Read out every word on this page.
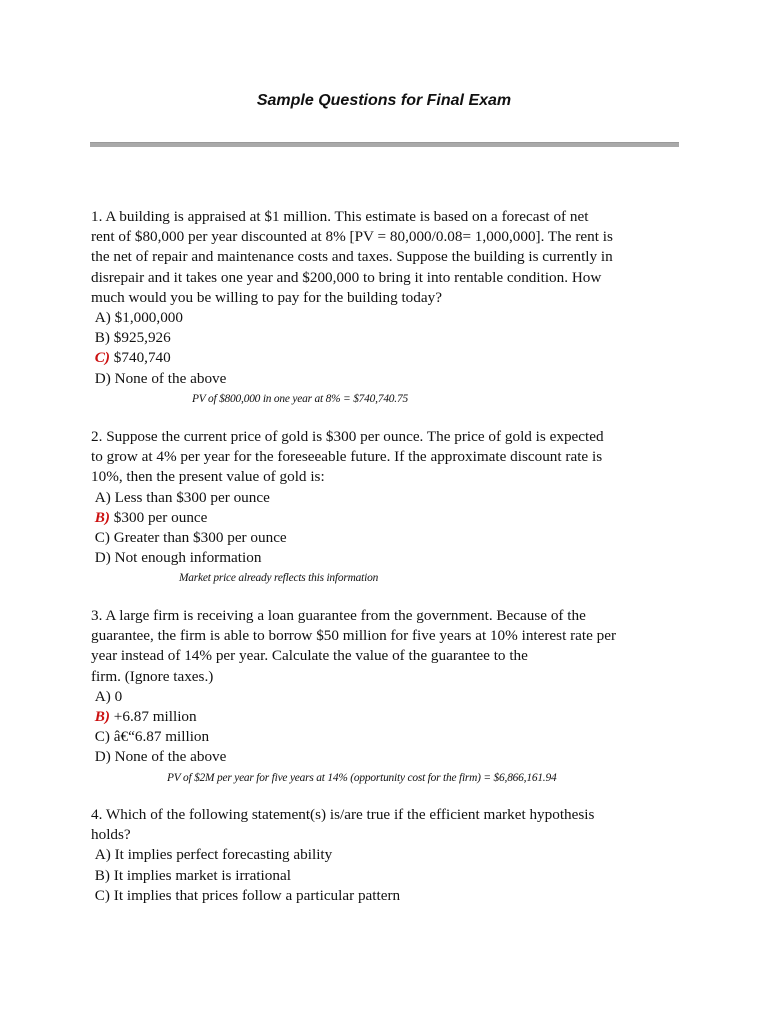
Sample Questions for Final Exam

1. A building is appraised at $1 million. This estimate is based on a forecast of net

rent of $80,000 per year discounted at 8% [PV = 80,000/0.08= 1,000,000]. The rent is

the net of repair and maintenance costs and taxes. Suppose the building is currently in

disrepair and it takes one year and $200,000 to bring it into rentable condition. How

much would you be willing to pay for the building today?

A) $1,000,000
B) $925,926
C) $740,740
D) None of the above
PV of $800,000 in one year at 8% = $740,740.75

2. Suppose the current price of gold is $300 per ounce. The price of gold is expected

to grow at 4% per year for the foreseeable future. If the approximate discount rate is

10%, then the present value of gold is:

A) Less than $300 per ounce
B) $300 per ounce
C) Greater than $300 per ounce
D) Not enough information
Market price already reflects this information

3. A large firm is receiving a loan guarantee from the government. Because of the

guarantee, the firm is able to borrow $50 million for five years at 10% interest rate per

year instead of 14% per year. Calculate the value of the guarantee to the

firm. (Ignore taxes.)

A) 0
B) +6.87 million
C) â€“6.87 million
D) None of the above
PV of $2M per year for five years at 14% (opportunity cost for the firm) = $6,866,161.94

4. Which of the following statement(s) is/are true if the efficient market hypothesis

holds?

A) It implies perfect forecasting ability
B) It implies market is irrational
C) It implies that prices follow a particular pattern
